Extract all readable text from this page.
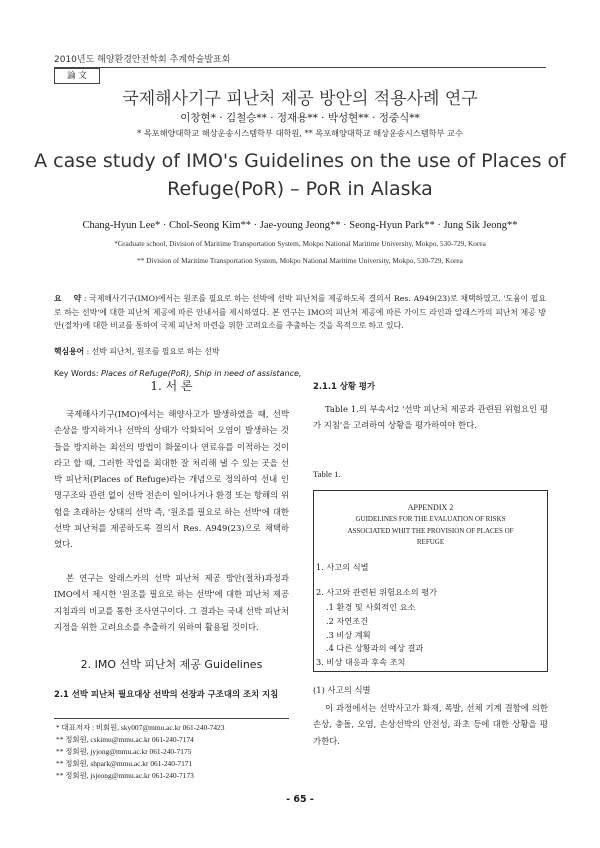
2010년도 해양환경안전학회 추계학술발표회
論 文
국제해사기구 피난처 제공 방안의 적용사례 연구
이창현* · 김철승** · 정재용** · 박성현** · 정중식**
* 목포해양대학교 해상운송시스템학부 대학원, ** 목포해양대학교 해상운송시스템학부 교수
A case study of IMO's Guidelines on the use of Places of
Refuge(PoR) – PoR in Alaska
Chang-Hyun Lee* · Chol-Seong Kim** · Jae-young Jeong** · Seong-Hyun Park** · Jung Sik Jeong**
*Graduate school, Division of Maritime Transportation System, Mokpo National Maritime University, Mokpo, 530-729, Korea
** Division of Maritime Transportation System, Mokpo National Maritime University, Mokpo, 530-729, Korea
요    약 : 국제해사기구(IMO)에서는 원조를 필요로 하는 선박에 선박 피난처를 제공하도록 결의서 Res. A949(23)로 채택하였고, '도움이 필요로 하는 선박'에 대한 피난처 제공에 따른 안내서를 제시하였다. 본 연구는 IMO의 피난처 제공에 따른 가이드 라인과 알래스카의 피난처 제공 방안(절차)에 대한 비교를 통하여 국제 피난처 마련을 위한 고려요소를 추출하는 것을 목적으로 하고 있다.
핵심용어 : 선박 피난처, 원조를 필요로 하는 선박
Key Words: Places of Refuge(PoR), Ship in need of assistance,
1. 서 론
국제해사기구(IMO)에서는 해양사고가 발생하였을 때, 선박 손상을 방지하거나 선박의 상태가 악화되어 오염이 발생하는 것들을 방지하는 최선의 방법이 화물이나 연료유를 이적하는 것이라고 할 때, 그러한 작업을 최대한 잘 처리해 낼 수 있는 곳을 선박 피난처(Places of Refuge)라는 개념으로 정의하여 선내 인명구조와 관련 없이 선박 전손이 일어나거나 환경 또는 항해의 위험을 초래하는 상태의 선박 즉, '원조를 필요로 하는 선박'에 대한 선박 피난처를 제공하도록 결의서 Res. A949(23)으로 채택하였다.
본 연구는 알래스카의 선박 피난처 제공 방안(절차)과정과 IMO에서 제시한 '원조를 필요로 하는 선박'에 대한 피난처 제공 지침과의 비교를 통한 조사연구이다. 그 결과는 국내 선박 피난처 지정을 위한 고려요소를 추출하기 위하여 활용될 것이다.
2. IMO 선박 피난처 제공 Guidelines
2.1 선박 피난처 필요대상 선박의 선장과 구조대의 조치 지침
* 대표저자 : 비회원, sky007@mmu.ac.kr 061-240-7423
** 정회원, cskimu@mmu.ac.kr 061-240-7174
** 정회원, jyjong@mmu.ac.kr 061-240-7175
** 정회원, shpark@mmu.ac.kr 061-240-7171
** 정회원, jsjeong@mmu.ac.kr 061-240-7173
2.1.1 상황 평가
Table 1.의 부속서2 '선박 피난처 제공과 관련된 위험요인 평가 지침'을 고려하여 상황을 평가하여야 한다.
Table 1.
APPENDIX 2
GUIDELINES FOR THE EVALUATION OF RISKS
ASSOCIATED WHIT THE PROVISION OF PLACES OF
REFUGE
1. 사고의 식별
2. 사고와 관련된 위험요소의 평가
.1 환경 및 사회적인 요소
.2 자연조건
.3 비상 계획
.4 다른 상황과의 예상 결과
3. 비상 대응과 후속 조치
(1) 사고의 식별
이 과정에서는 선박사고가 화재, 폭발, 선체 기계 결함에 의한 손상, 충돌, 오염, 손상선박의 안전성, 좌초 등에 대한 상황을 평가한다.
- 65 -
